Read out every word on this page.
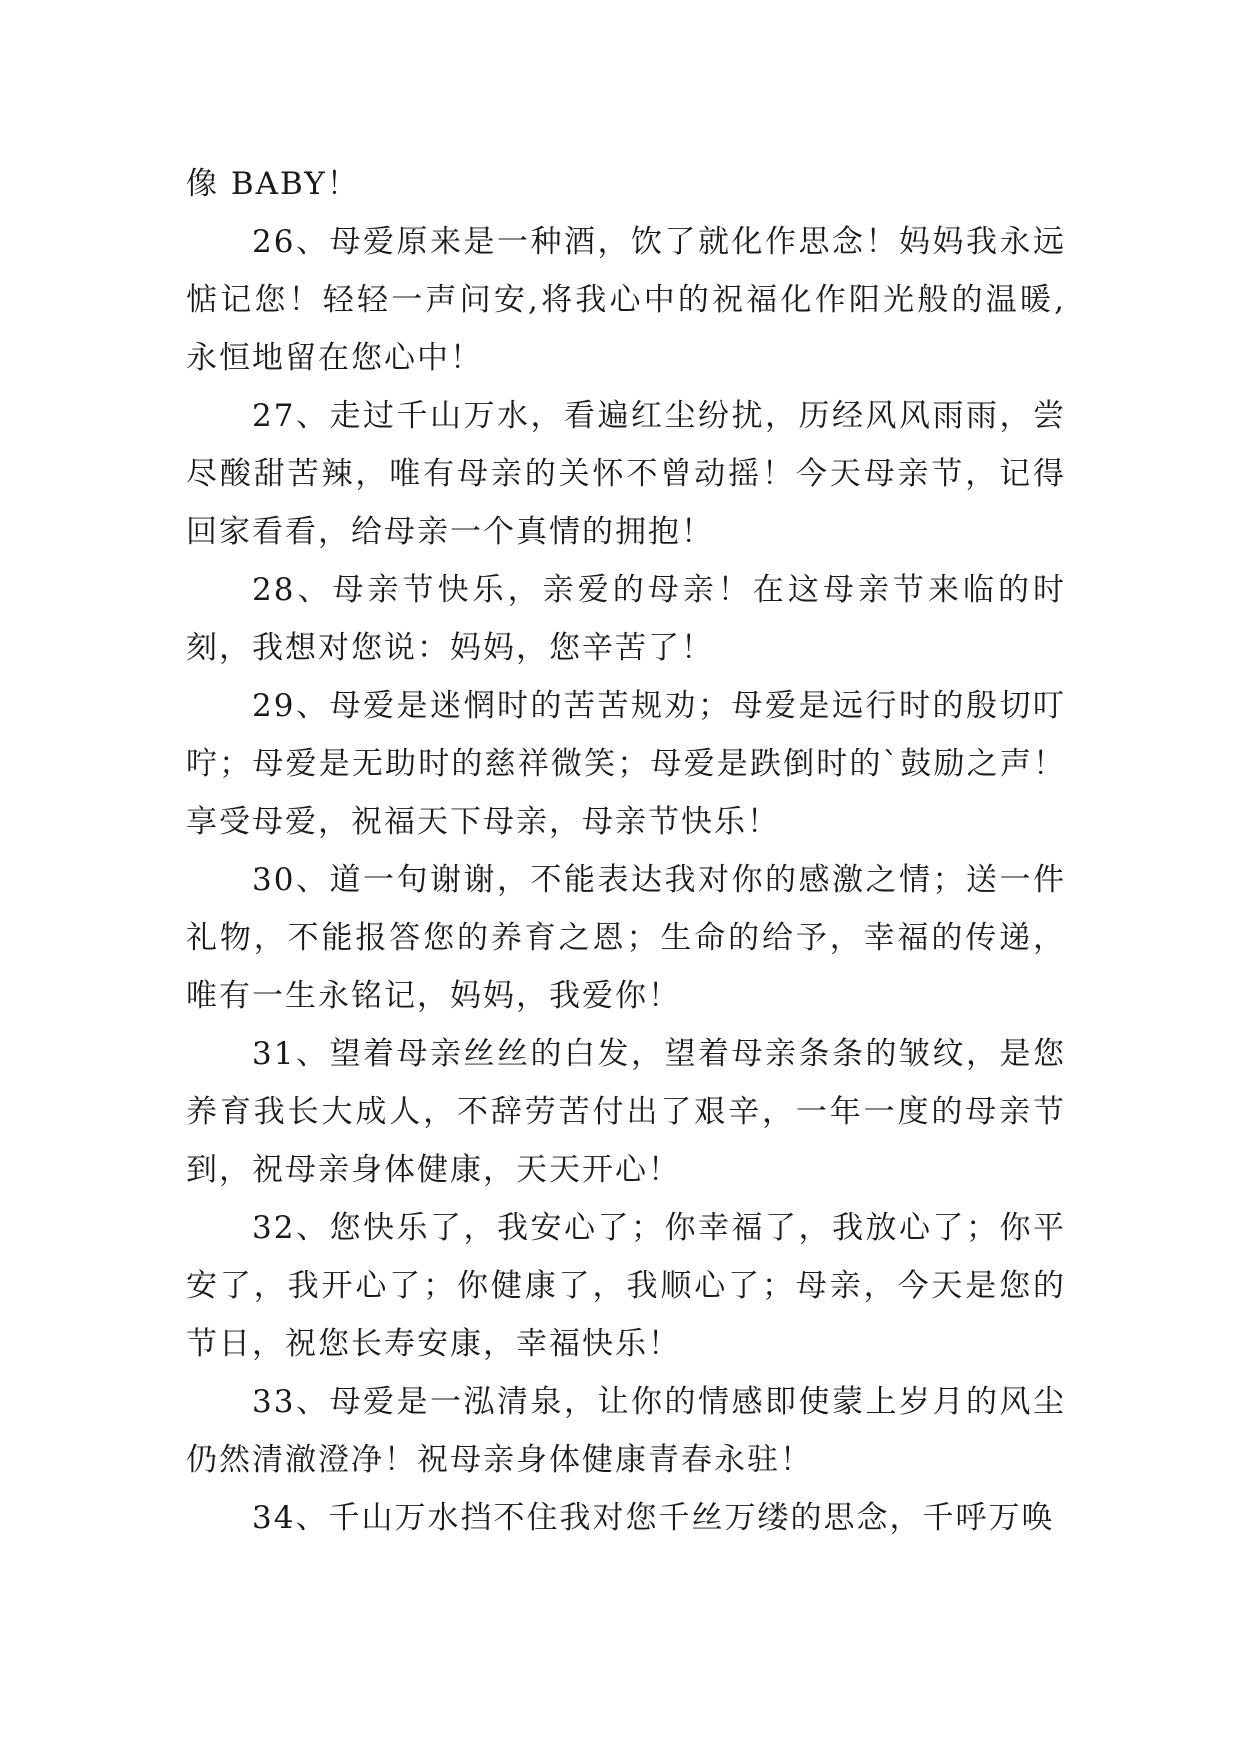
像 BABY！

26、母爱原来是一种酒，饮了就化作思念！妈妈我永远惦记您！轻轻一声问安,将我心中的祝福化作阳光般的温暖,永恒地留在您心中！

27、走过千山万水，看遍红尘纷扰，历经风风雨雨，尝尽酸甜苦辣，唯有母亲的关怀不曾动摇！今天母亲节，记得回家看看，给母亲一个真情的拥抱！

28、母亲节快乐，亲爱的母亲！在这母亲节来临的时刻，我想对您说：妈妈，您辛苦了！

29、母爱是迷惘时的苦苦规劝；母爱是远行时的殷切叮咛；母爱是无助时的慈祥微笑；母爱是跌倒时的`鼓励之声！享受母爱，祝福天下母亲，母亲节快乐！

30、道一句谢谢，不能表达我对你的感激之情；送一件礼物，不能报答您的养育之恩；生命的给予，幸福的传递，唯有一生永铭记，妈妈，我爱你！

31、望着母亲丝丝的白发，望着母亲条条的皱纹，是您养育我长大成人，不辞劳苦付出了艰辛，一年一度的母亲节到，祝母亲身体健康，天天开心！

32、您快乐了，我安心了；你幸福了，我放心了；你平安了，我开心了；你健康了，我顺心了；母亲，今天是您的节日，祝您长寿安康，幸福快乐！

33、母爱是一泓清泉，让你的情感即使蒙上岁月的风尘仍然清澈澄净！祝母亲身体健康青春永驻！

34、千山万水挡不住我对您千丝万缕的思念，千呼万唤
